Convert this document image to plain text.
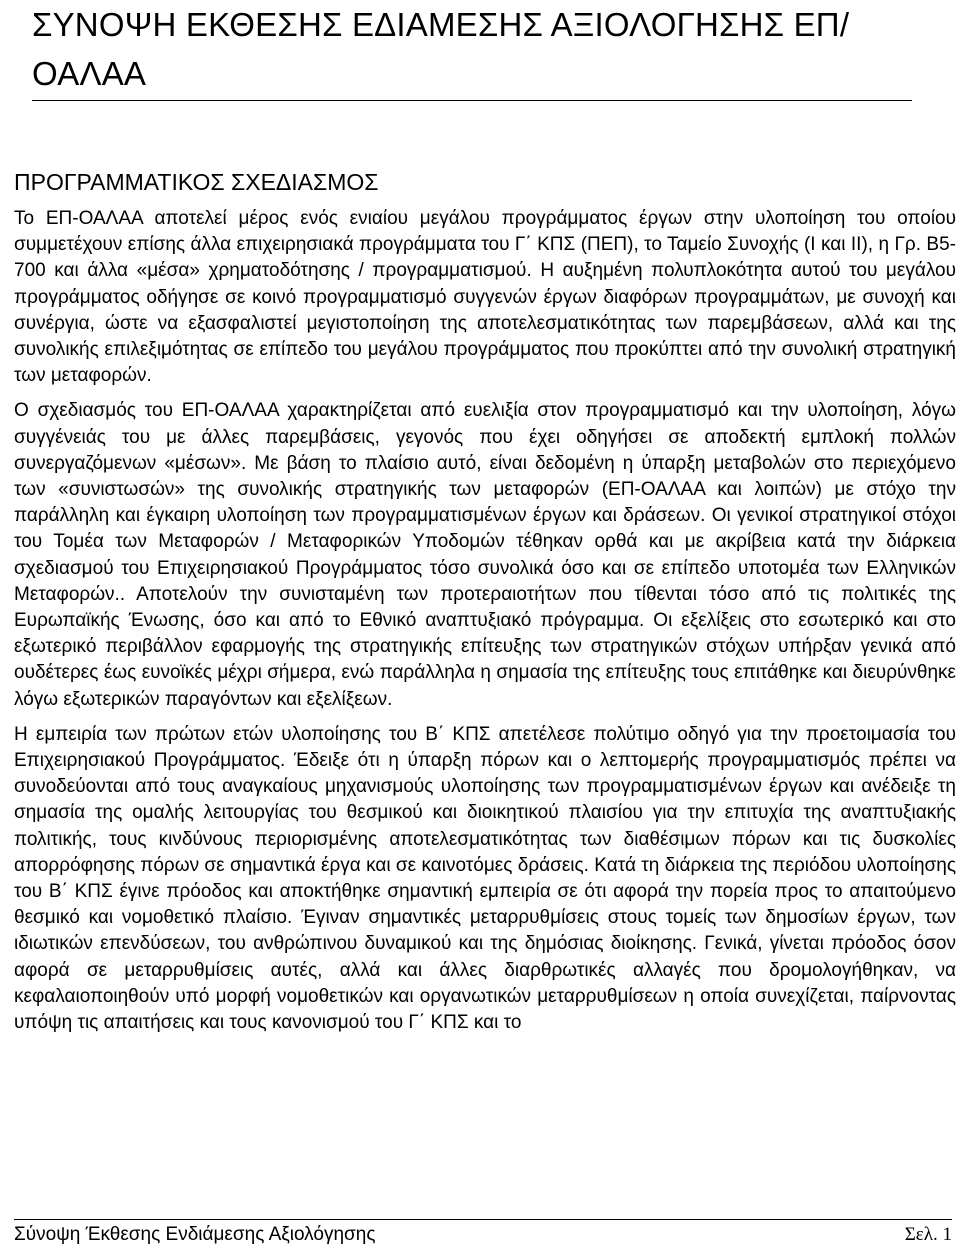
ΣΥΝΟΨΗ ΕΚΘΕΣΗΣ ΕΔΙΑΜΕΣΗΣ ΑΞΙΟΛΟΓΗΣΗΣ ΕΠ/ΟΑΛΑΑ
ΠΡΟΓΡΑΜΜΑΤΙΚΟΣ ΣΧΕΔΙΑΣΜΟΣ

Το ΕΠ-ΟΑΛΑΑ αποτελεί μέρος ενός ενιαίου μεγάλου προγράμματος έργων στην υλοποίηση του οποίου συμμετέχουν επίσης άλλα επιχειρησιακά προγράμματα του Γ΄ ΚΠΣ (ΠΕΠ), το Ταμείο Συνοχής (Ι και ΙΙ), η Γρ. Β5-700 και άλλα «μέσα» χρηματοδότησης / προγραμματισμού. Η αυξημένη πολυπλοκότητα αυτού του μεγάλου προγράμματος οδήγησε σε κοινό προγραμματισμό συγγενών έργων διαφόρων προγραμμάτων, με συνοχή και συνέργια, ώστε να εξασφαλιστεί μεγιστοποίηση της αποτελεσματικότητας των παρεμβάσεων, αλλά και της συνολικής επιλεξιμότητας σε επίπεδο του μεγάλου προγράμματος που προκύπτει από την συνολική στρατηγική των μεταφορών.

Ο σχεδιασμός του ΕΠ-ΟΑΛΑΑ χαρακτηρίζεται από ευελιξία στον προγραμματισμό και την υλοποίηση, λόγω συγγένειάς του με άλλες παρεμβάσεις, γεγονός που έχει οδηγήσει σε αποδεκτή εμπλοκή πολλών συνεργαζόμενων «μέσων». Με βάση το πλαίσιο αυτό, είναι δεδομένη η ύπαρξη μεταβολών στο περιεχόμενο των «συνιστωσών» της συνολικής στρατηγικής των μεταφορών (ΕΠ-ΟΑΛΑΑ και λοιπών) με στόχο την παράλληλη και έγκαιρη υλοποίηση των προγραμματισμένων έργων και δράσεων. Οι γενικοί στρατηγικοί στόχοι του Τομέα των Μεταφορών / Μεταφορικών Υποδομών τέθηκαν ορθά και με ακρίβεια κατά την διάρκεια σχεδιασμού του Επιχειρησιακού Προγράμματος τόσο συνολικά όσο και σε επίπεδο υποτομέα των Ελληνικών Μεταφορών.. Αποτελούν την συνισταμένη των προτεραιοτήτων που τίθενται τόσο από τις πολιτικές της Ευρωπαϊκής Ένωσης, όσο και από το Εθνικό αναπτυξιακό πρόγραμμα. Οι εξελίξεις στο εσωτερικό και στο εξωτερικό περιβάλλον εφαρμογής της στρατηγικής επίτευξης των στρατηγικών στόχων υπήρξαν γενικά από ουδέτερες έως ευνοϊκές μέχρι σήμερα, ενώ παράλληλα η σημασία της επίτευξης τους επιτάθηκε και διευρύνθηκε λόγω εξωτερικών παραγόντων και εξελίξεων.

Η εμπειρία των πρώτων ετών υλοποίησης του Β΄ ΚΠΣ απετέλεσε πολύτιμο οδηγό για την προετοιμασία του Επιχειρησιακού Προγράμματος. Έδειξε ότι η ύπαρξη πόρων και ο λεπτομερής προγραμματισμός πρέπει να συνοδεύονται από τους αναγκαίους μηχανισμούς υλοποίησης των προγραμματισμένων έργων και ανέδειξε τη σημασία της ομαλής λειτουργίας του θεσμικού και διοικητικού πλαισίου για την επιτυχία της αναπτυξιακής πολιτικής, τους κινδύνους περιορισμένης αποτελεσματικότητας των διαθέσιμων πόρων και τις δυσκολίες απορρόφησης πόρων σε σημαντικά έργα και σε καινοτόμες δράσεις. Κατά τη διάρκεια της περιόδου υλοποίησης του Β΄ ΚΠΣ έγινε πρόοδος και αποκτήθηκε σημαντική εμπειρία σε ότι αφορά την πορεία προς το απαιτούμενο θεσμικό και νομοθετικό πλαίσιο. Έγιναν σημαντικές μεταρρυθμίσεις στους τομείς των δημοσίων έργων, των ιδιωτικών επενδύσεων, του ανθρώπινου δυναμικού και της δημόσιας διοίκησης. Γενικά, γίνεται πρόοδος όσον αφορά σε μεταρρυθμίσεις αυτές, αλλά και άλλες διαρθρωτικές αλλαγές που δρομολογήθηκαν, να κεφαλαιοποιηθούν υπό μορφή νομοθετικών και οργανωτικών μεταρρυθμίσεων η οποία συνεχίζεται, παίρνοντας υπόψη τις απαιτήσεις και τους κανονισμού του Γ΄ ΚΠΣ και το

Σύνοψη Έκθεσης Ενδιάμεσης Αξιολόγησης	Σελ. 1
